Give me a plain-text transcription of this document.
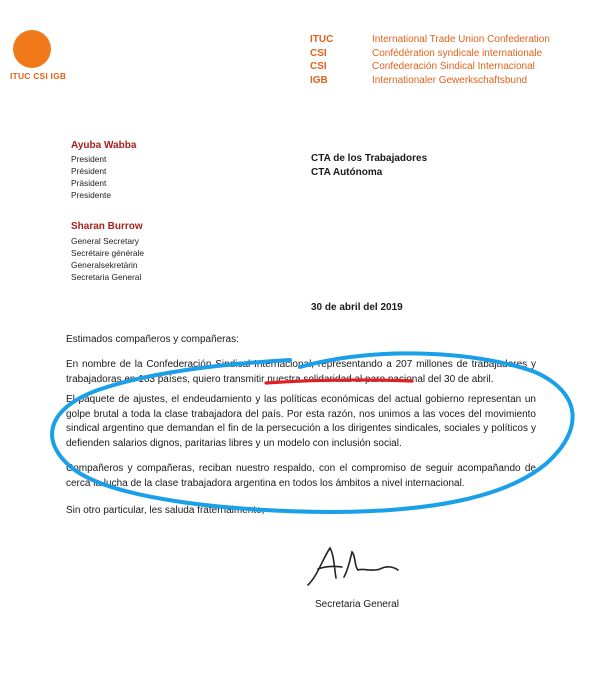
ITUC CSI IGB
ITUC	International Trade Union Confederation
CSI	Confédération syndicale internationale
CSI	Confederación Sindical Internacional
IGB	Internationaler Gewerkschaftsbund
Ayuba Wabba
President
Président
Präsident
Presidente
Sharan Burrow
General Secretary
Secrétaire générale
Generalsekretärin
Secretaria General
CTA de los Trabajadores
CTA Autónoma
30 de abril del 2019
Estimados compañeros y compañeras:
En nombre de la Confederación Sindical Internacional, representando a 207 millones de trabajadores y trabajadoras en 163 países, quiero transmitir nuestra solidaridad al paro nacional del 30 de abril.
El paquete de ajustes, el endeudamiento y las políticas económicas del actual gobierno representan un golpe brutal a toda la clase trabajadora del país. Por esta razón, nos unimos a las voces del movimiento sindical argentino que demandan el fin de la persecución a los dirigentes sindicales, sociales y políticos y defienden salarios dignos, paritarias libres y un modelo con inclusión social.
Compañeros y compañeras, reciban nuestro respaldo, con el compromiso de seguir acompañando de cerca la lucha de la clase trabajadora argentina en todos los ámbitos a nivel internacional.
Sin otro particular, les saluda fraternalmente,
Secretaria General
